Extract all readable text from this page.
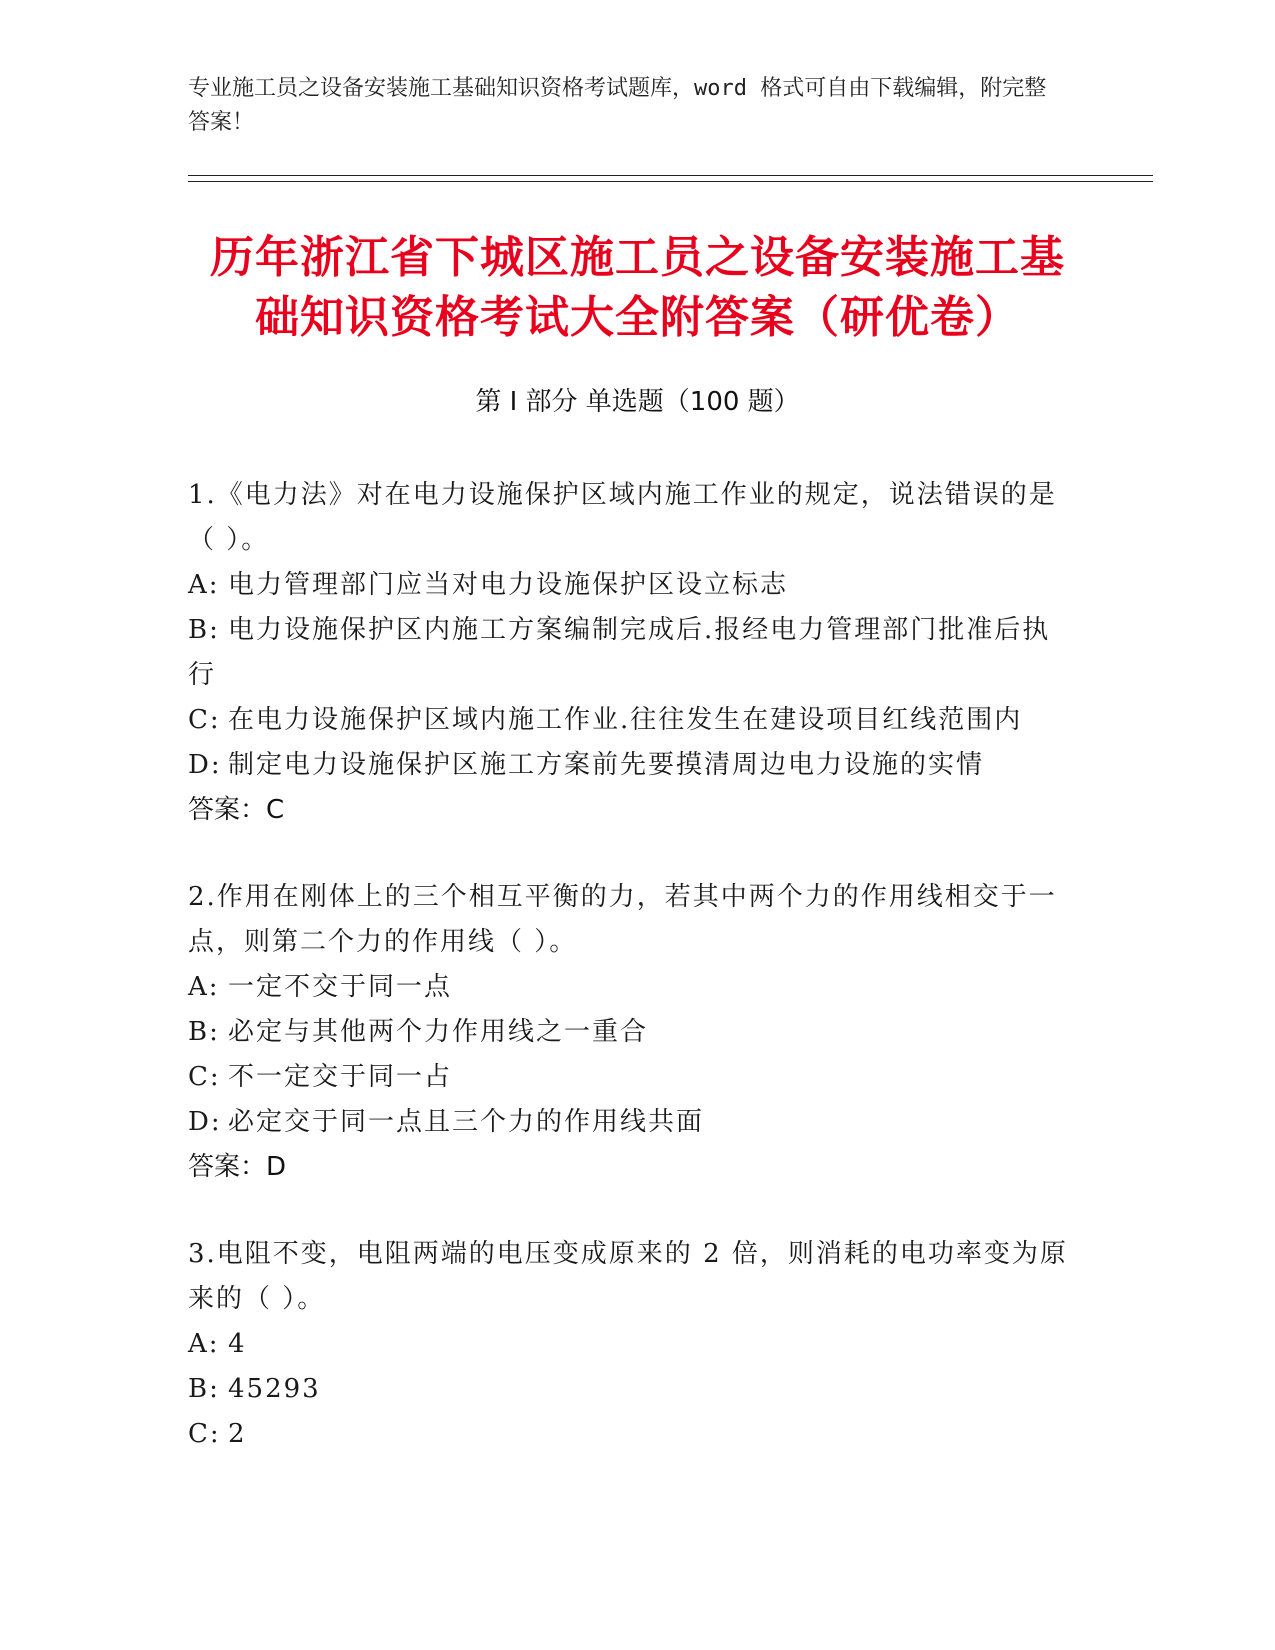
专业施工员之设备安装施工基础知识资格考试题库，word 格式可自由下载编辑，附完整答案！
历年浙江省下城区施工员之设备安装施工基
础知识资格考试大全附答案（研优卷）
第 I 部分 单选题（100 题）

1.《电力法》对在电力设施保护区域内施工作业的规定，说法错误的是（ ）。

A: 电力管理部门应当对电力设施保护区设立标志

B: 电力设施保护区内施工方案编制完成后.报经电力管理部门批准后执行

C: 在电力设施保护区域内施工作业.往往发生在建设项目红线范围内

D: 制定电力设施保护区施工方案前先要摸清周边电力设施的实情

答案：C

2.作用在刚体上的三个相互平衡的力，若其中两个力的作用线相交于一点，则第二个力的作用线（ ）。

A: 一定不交于同一点

B: 必定与其他两个力作用线之一重合

C: 不一定交于同一占

D: 必定交于同一点且三个力的作用线共面

答案：D

3.电阻不变，电阻两端的电压变成原来的 2 倍，则消耗的电功率变为原来的（ ）。

A: 4

B: 45293

C: 2
